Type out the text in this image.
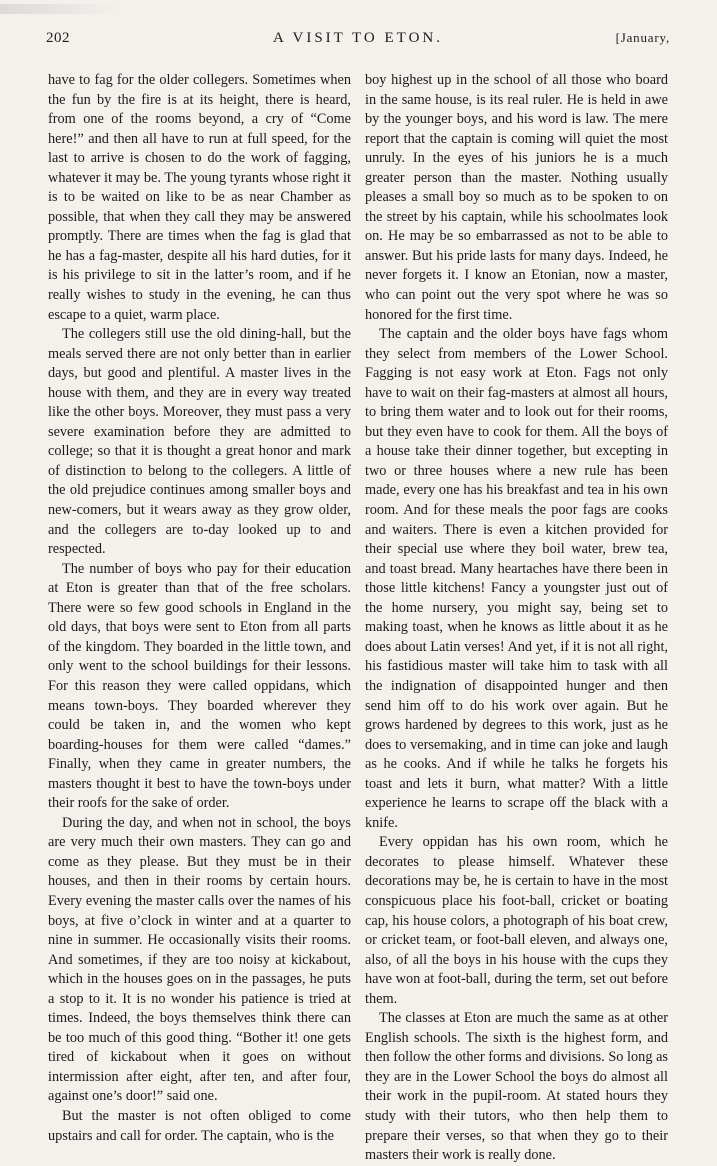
202	A VISIT TO ETON.	[January,

have to fag for the older collegers. Sometimes when the fun by the fire is at its height, there is heard, from one of the rooms beyond, a cry of “Come here!” and then all have to run at full speed, for the last to arrive is chosen to do the work of fagging, whatever it may be. The young tyrants whose right it is to be waited on like to be as near Chamber as possible, that when they call they may be answered promptly. There are times when the fag is glad that he has a fag-master, despite all his hard duties, for it is his privilege to sit in the latter’s room, and if he really wishes to study in the evening, he can thus escape to a quiet, warm place.

The collegers still use the old dining-hall, but the meals served there are not only better than in earlier days, but good and plentiful. A master lives in the house with them, and they are in every way treated like the other boys. Moreover, they must pass a very severe examination before they are admitted to college; so that it is thought a great honor and mark of distinction to belong to the collegers. A little of the old prejudice continues among smaller boys and new-comers, but it wears away as they grow older, and the collegers are to-day looked up to and respected.

The number of boys who pay for their education at Eton is greater than that of the free scholars. There were so few good schools in England in the old days, that boys were sent to Eton from all parts of the kingdom. They boarded in the little town, and only went to the school buildings for their lessons. For this reason they were called oppidans, which means town-boys. They boarded wherever they could be taken in, and the women who kept boarding-houses for them were called “dames.” Finally, when they came in greater numbers, the masters thought it best to have the town-boys under their roofs for the sake of order.

During the day, and when not in school, the boys are very much their own masters. They can go and come as they please. But they must be in their houses, and then in their rooms by certain hours. Every evening the master calls over the names of his boys, at five o’clock in winter and at a quarter to nine in summer. He occasionally visits their rooms. And sometimes, if they are too noisy at kickabout, which in the houses goes on in the passages, he puts a stop to it. It is no wonder his patience is tried at times. Indeed, the boys themselves think there can be too much of this good thing. “Bother it! one gets tired of kickabout when it goes on without intermission after eight, after ten, and after four, against one’s door!” said one.

But the master is not often obliged to come upstairs and call for order. The captain, who is the

boy highest up in the school of all those who board in the same house, is its real ruler. He is held in awe by the younger boys, and his word is law. The mere report that the captain is coming will quiet the most unruly. In the eyes of his juniors he is a much greater person than the master. Nothing usually pleases a small boy so much as to be spoken to on the street by his captain, while his schoolmates look on. He may be so embarrassed as not to be able to answer. But his pride lasts for many days. Indeed, he never forgets it. I know an Etonian, now a master, who can point out the very spot where he was so honored for the first time.

The captain and the older boys have fags whom they select from members of the Lower School. Fagging is not easy work at Eton. Fags not only have to wait on their fag-masters at almost all hours, to bring them water and to look out for their rooms, but they even have to cook for them. All the boys of a house take their dinner together, but excepting in two or three houses where a new rule has been made, every one has his breakfast and tea in his own room. And for these meals the poor fags are cooks and waiters. There is even a kitchen provided for their special use where they boil water, brew tea, and toast bread. Many heartaches have there been in those little kitchens! Fancy a youngster just out of the home nursery, you might say, being set to making toast, when he knows as little about it as he does about Latin verses! And yet, if it is not all right, his fastidious master will take him to task with all the indignation of disappointed hunger and then send him off to do his work over again. But he grows hardened by degrees to this work, just as he does to versemaking, and in time can joke and laugh as he cooks. And if while he talks he forgets his toast and lets it burn, what matter? With a little experience he learns to scrape off the black with a knife.

Every oppidan has his own room, which he decorates to please himself. Whatever these decorations may be, he is certain to have in the most conspicuous place his foot-ball, cricket or boating cap, his house colors, a photograph of his boat crew, or cricket team, or foot-ball eleven, and always one, also, of all the boys in his house with the cups they have won at foot-ball, during the term, set out before them.

The classes at Eton are much the same as at other English schools. The sixth is the highest form, and then follow the other forms and divisions. So long as they are in the Lower School the boys do almost all their work in the pupil-room. At stated hours they study with their tutors, who then help them to prepare their verses, so that when they go to their masters their work is really done.
